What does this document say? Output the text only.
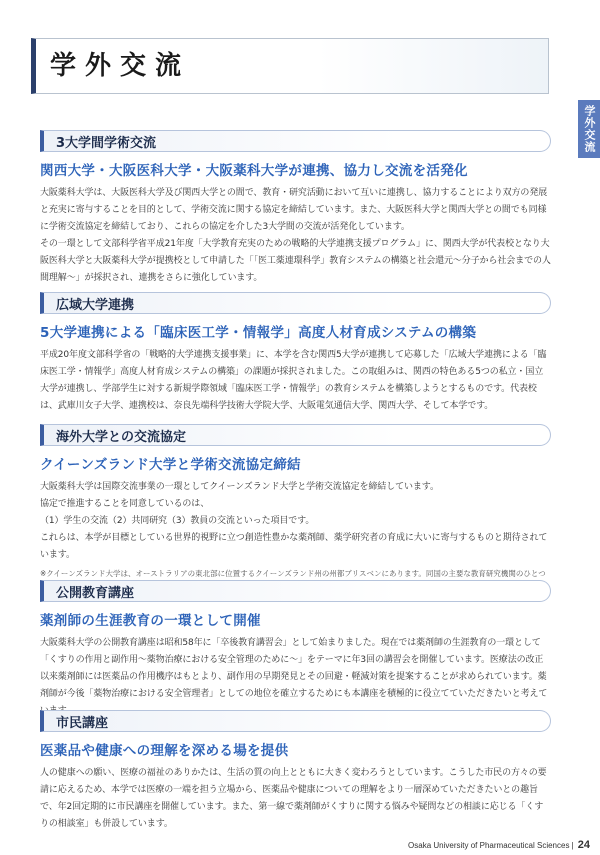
学外交流
学外交流
3大学間学術交流
関西大学・大阪医科大学・大阪薬科大学が連携、協力し交流を活発化

大阪薬科大学は、大阪医科大学及び関西大学との間で、教育・研究活動において互いに連携し、協力することにより双方の発展と充実に寄与することを目的として、学術交流に関する協定を締結しています。また、大阪医科大学と関西大学との間でも同様に学術交流協定を締結しており、これらの協定を介した3大学間の交流が活発化しています。

その一環として文部科学省平成21年度「大学教育充実のための戦略的大学連携支援プログラム」に、関西大学が代表校となり大阪医科大学と大阪薬科大学が提携校として申請した「「医工薬連環科学」教育システムの構築と社会還元〜分子から社会までの人間理解〜」が採択され、連携をさらに強化しています。

広域大学連携
5大学連携による「臨床医工学・情報学」高度人材育成システムの構築

平成20年度文部科学省の「戦略的大学連携支援事業」に、本学を含む関西5大学が連携して応募した「広域大学連携による「臨床医工学・情報学」高度人材育成システムの構築」の課題が採択されました。この取組みは、関西の特色ある5つの私立・国立大学が連携し、学部学生に対する新規学際領域「臨床医工学・情報学」の教育システムを構築しようとするものです。代表校は、武庫川女子大学、連携校は、奈良先端科学技術大学院大学、大阪電気通信大学、関西大学、そして本学です。

海外大学との交流協定
クイーンズランド大学と学術交流協定締結

大阪薬科大学は国際交流事業の一環としてクイーンズランド大学と学術交流協定を締結しています。

協定で推進することを同意しているのは、

（1）学生の交流（2）共同研究（3）教員の交流といった項目です。

これらは、本学が目標としている世界的視野に立つ創造性豊かな薬剤師、薬学研究者の育成に大いに寄与するものと期待されています。

※クイーンズランド大学は、オーストラリアの東北部に位置するクイーンズランド州の州都ブリスベンにあります。同国の主要な教育研究機関のひとつ
公開教育講座
薬剤師の生涯教育の一環として開催

大阪薬科大学の公開教育講座は昭和58年に「卒後教育講習会」として始まりました。現在では薬剤師の生涯教育の一環として「くすりの作用と副作用〜薬物治療における安全管理のために〜」をテーマに年3回の講習会を開催しています。医療法の改正以来薬剤師には医薬品の作用機序はもとより、副作用の早期発見とその回避・軽減対策を提案することが求められています。薬剤師が今後「薬物治療における安全管理者」としての地位を確立するためにも本講座を積極的に役立てていただきたいと考えて

市民講座
医薬品や健康への理解を深める場を提供

人の健康への願い、医療の福祉のありかたは、生活の質の向上とともに大きく変わろうとしています。こうした市民の方々の要請に応えるため、本学では医療の一端を担う立場から、医薬品や健康についての理解をより一層深めていただきたいとの趣旨で、年2回定期的に市民講座を開催しています。また、第一線で薬剤師がくすりに関する悩みや疑問などの相談に応じる「くすりの相談室」も併設しています。

Osaka University of Pharmaceutical Sciences | 24
